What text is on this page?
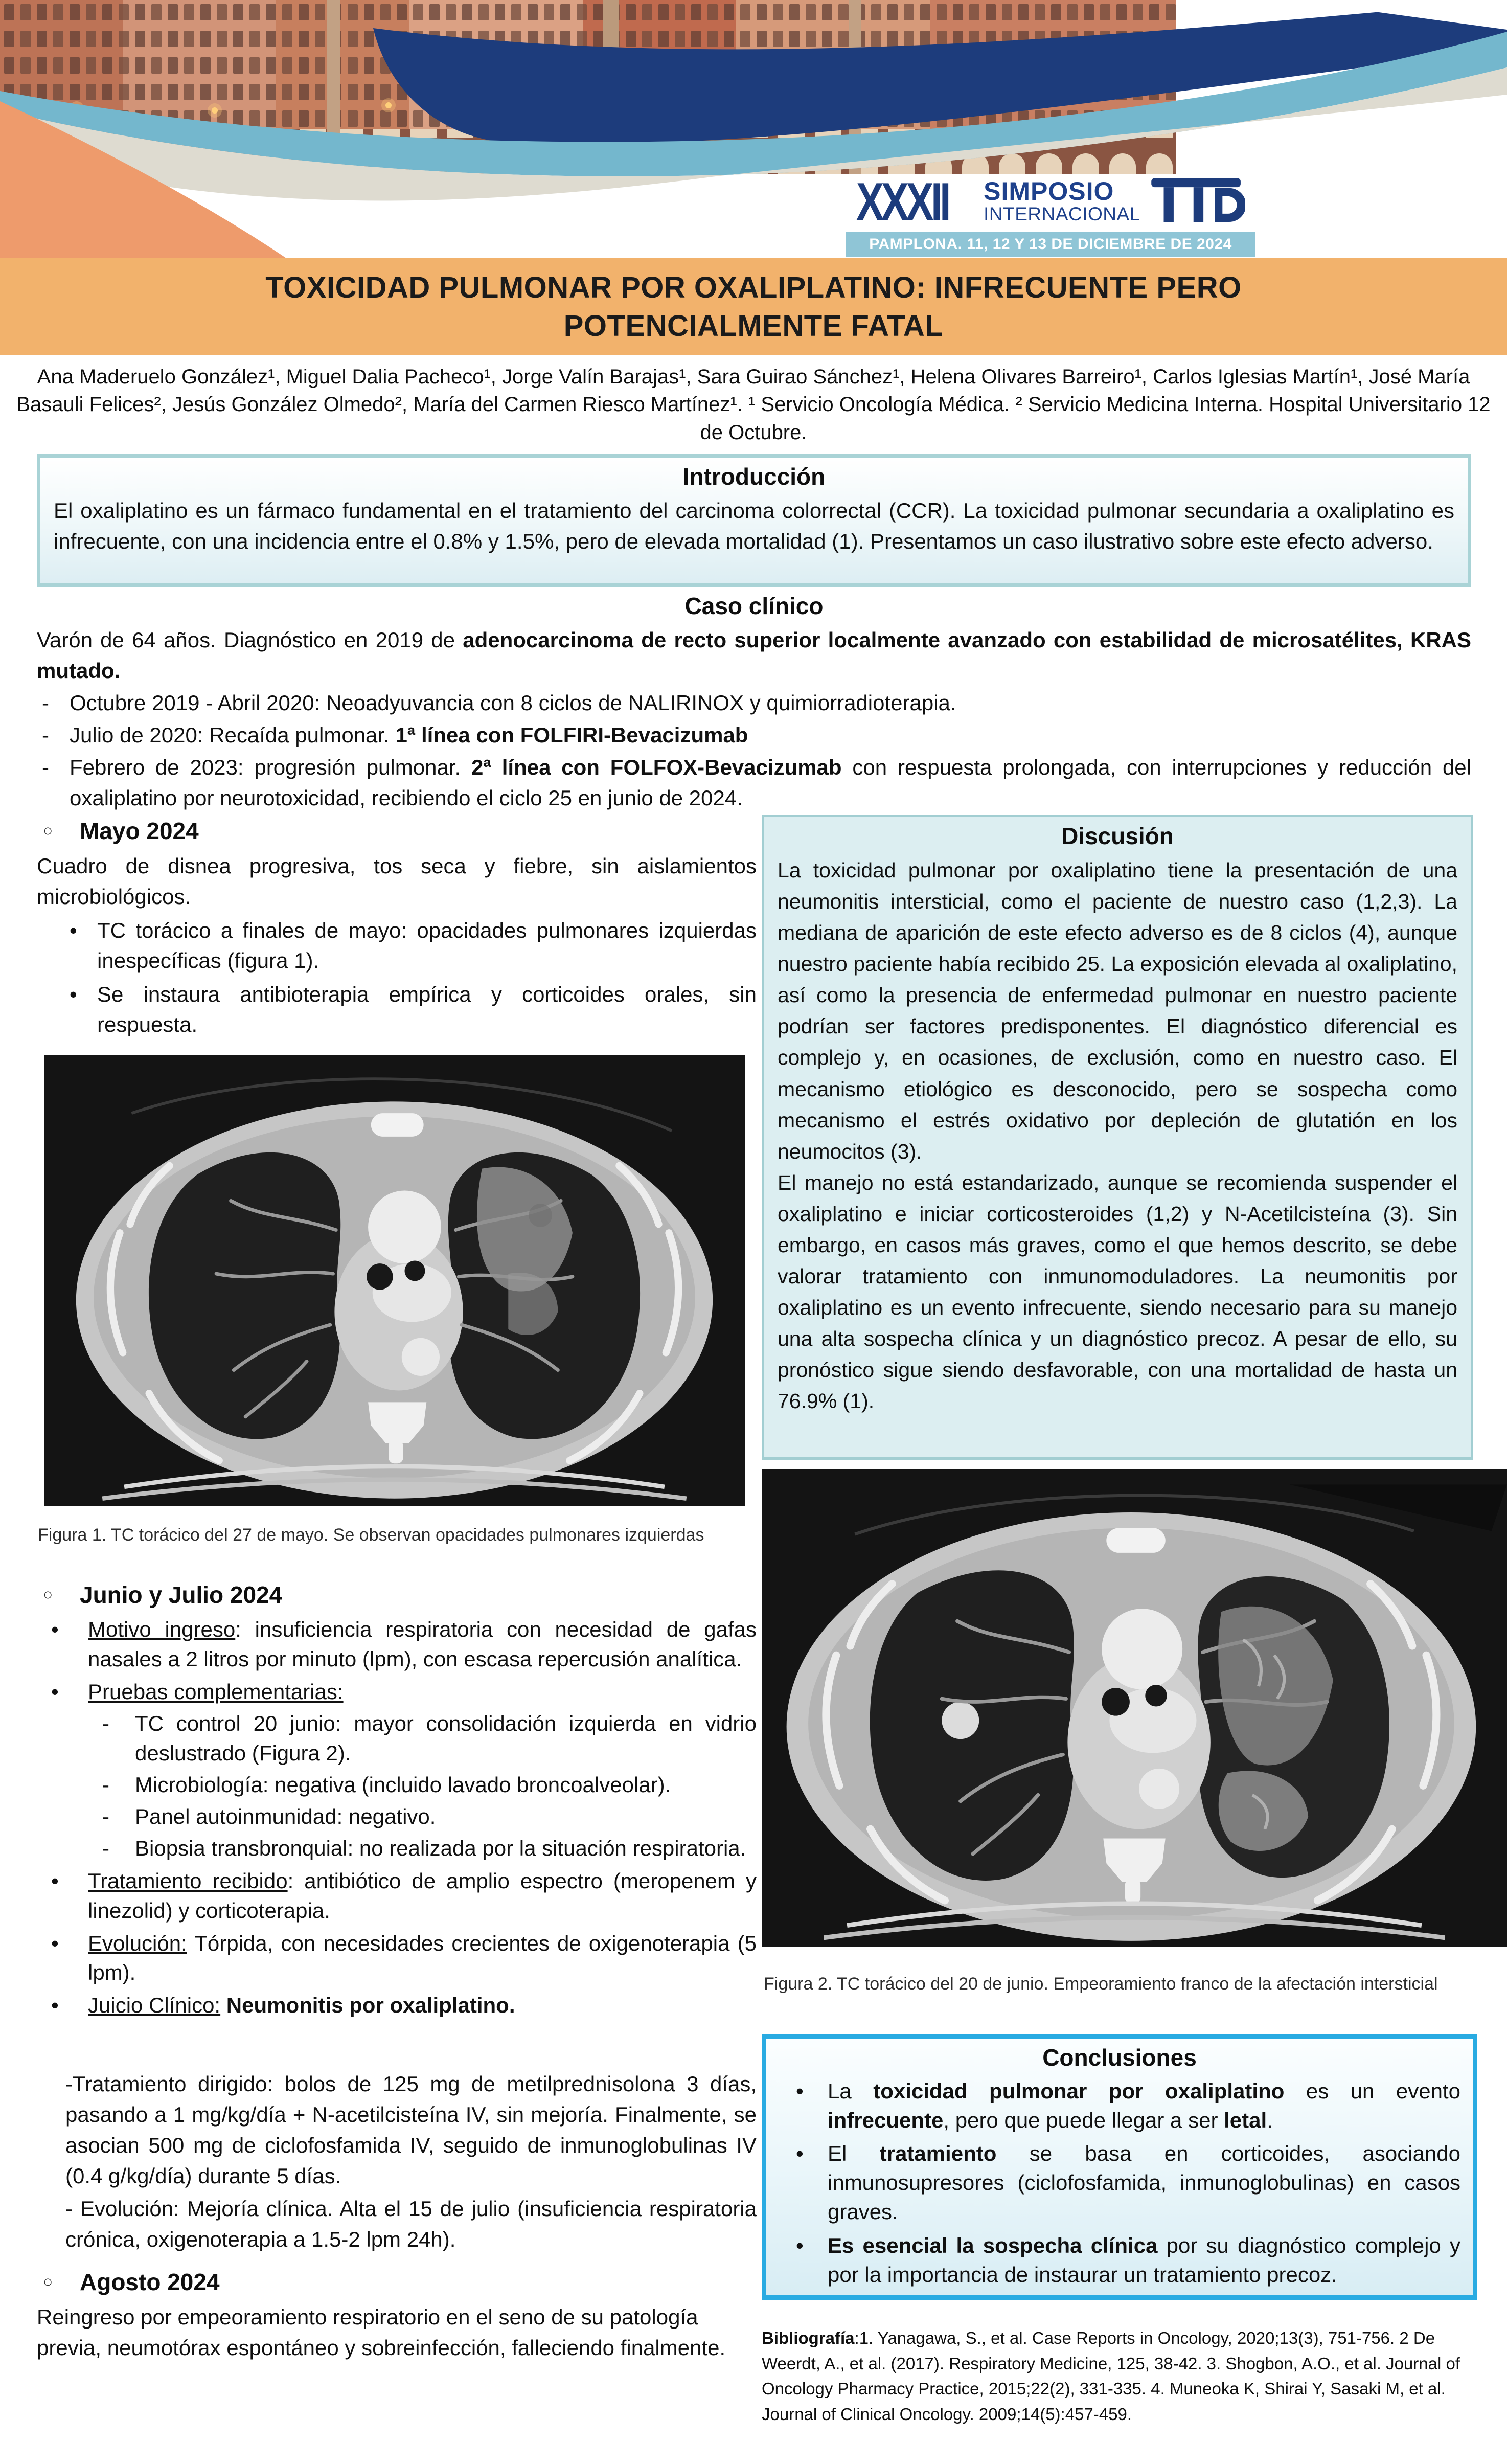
XXXII SIMPOSIO
INTERNACIONAL
PAMPLONA. 11, 12 Y 13 DE DICIEMBRE DE 2024
TOXICIDAD PULMONAR POR OXALIPLATINO: INFRECUENTE PERO
POTENCIALMENTE FATAL
Ana Maderuelo González¹, Miguel Dalia Pacheco¹, Jorge Valín Barajas¹, Sara Guirao Sánchez¹, Helena Olivares Barreiro¹, Carlos Iglesias Martín¹, José María Basauli Felices², Jesús González Olmedo², María del Carmen Riesco Martínez¹. ¹ Servicio Oncología Médica. ² Servicio Medicina Interna. Hospital Universitario 12 de Octubre.
Introducción
El oxaliplatino es un fármaco fundamental en el tratamiento del carcinoma colorrectal (CCR). La toxicidad pulmonar secundaria a oxaliplatino es infrecuente, con una incidencia entre el 0.8% y 1.5%, pero de elevada mortalidad (1). Presentamos un caso ilustrativo sobre este efecto adverso.
Caso clínico
Varón de 64 años. Diagnóstico en 2019 de adenocarcinoma de recto superior localmente avanzado con estabilidad de microsatélites, KRAS mutado.
- Octubre 2019 - Abril 2020: Neoadyuvancia con 8 ciclos de NALIRINOX y quimiorradioterapia.
- Julio de 2020: Recaída pulmonar. 1ª línea con FOLFIRI-Bevacizumab
- Febrero de 2023: progresión pulmonar. 2ª línea con FOLFOX-Bevacizumab con respuesta prolongada, con interrupciones y reducción del oxaliplatino por neurotoxicidad, recibiendo el ciclo 25 en junio de 2024.
○ Mayo 2024
Cuadro de disnea progresiva, tos seca y fiebre, sin aislamientos microbiológicos.
• TC torácico a finales de mayo: opacidades pulmonares izquierdas inespecíficas (figura 1).
• Se instaura antibioterapia empírica y corticoides orales, sin respuesta.
Figura 1. TC torácico del 27 de mayo. Se observan opacidades pulmonares izquierdas
○ Junio y Julio 2024
• Motivo ingreso: insuficiencia respiratoria con necesidad de gafas nasales a 2 litros por minuto (lpm), con escasa repercusión analítica.
• Pruebas complementarias:
- TC control 20 junio: mayor consolidación izquierda en vidrio deslustrado (Figura 2).
- Microbiología: negativa (incluido lavado broncoalveolar).
- Panel autoinmunidad: negativo.
- Biopsia transbronquial: no realizada por la situación respiratoria.
• Tratamiento recibido: antibiótico de amplio espectro (meropenem y linezolid) y corticoterapia.
• Evolución: Tórpida, con necesidades crecientes de oxigenoterapia (5 lpm).
• Juicio Clínico: Neumonitis por oxaliplatino.
-Tratamiento dirigido: bolos de 125 mg de metilprednisolona 3 días, pasando a 1 mg/kg/día + N-acetilcisteína IV, sin mejoría. Finalmente, se asocian 500 mg de ciclofosfamida IV, seguido de inmunoglobulinas IV (0.4 g/kg/día) durante 5 días.
- Evolución: Mejoría clínica. Alta el 15 de julio (insuficiencia respiratoria crónica, oxigenoterapia a 1.5-2 lpm 24h).
○ Agosto 2024
Reingreso por empeoramiento respiratorio en el seno de su patología previa, neumotórax espontáneo y sobreinfección, falleciendo finalmente.
Discusión

La toxicidad pulmonar por oxaliplatino tiene la presentación de una neumonitis intersticial, como el paciente de nuestro caso (1,2,3). La mediana de aparición de este efecto adverso es de 8 ciclos (4), aunque nuestro paciente había recibido 25. La exposición elevada al oxaliplatino, así como la presencia de enfermedad pulmonar en nuestro paciente podrían ser factores predisponentes. El diagnóstico diferencial es complejo y, en ocasiones, de exclusión, como en nuestro caso. El mecanismo etiológico es desconocido, pero se sospecha como mecanismo el estrés oxidativo por depleción de glutatión en los neumocitos (3).

El manejo no está estandarizado, aunque se recomienda suspender el oxaliplatino e iniciar corticosteroides (1,2) y N-Acetilcisteína (3). Sin embargo, en casos más graves, como el que hemos descrito, se debe valorar tratamiento con inmunomoduladores. La neumonitis por oxaliplatino es un evento infrecuente, siendo necesario para su manejo una alta sospecha clínica y un diagnóstico precoz. A pesar de ello, su pronóstico sigue siendo desfavorable, con una mortalidad de hasta un 76.9% (1).

Figura 2. TC torácico del 20 de junio. Empeoramiento franco de la afectación intersticial
Conclusiones
• La toxicidad pulmonar por oxaliplatino es un evento infrecuente, pero que puede llegar a ser letal.
• El tratamiento se basa en corticoides, asociando inmunosupresores (ciclofosfamida, inmunoglobulinas) en casos graves.
• Es esencial la sospecha clínica por su diagnóstico complejo y por la importancia de instaurar un tratamiento precoz.
Bibliografía:1. Yanagawa, S., et al. Case Reports in Oncology, 2020;13(3), 751-756. 2 De Weerdt, A., et al. (2017). Respiratory Medicine, 125, 38-42. 3. Shogbon, A.O., et al. Journal of Oncology Pharmacy Practice, 2015;22(2), 331-335. 4. Muneoka K, Shirai Y, Sasaki M, et al. Journal of Clinical Oncology. 2009;14(5):457-459.
